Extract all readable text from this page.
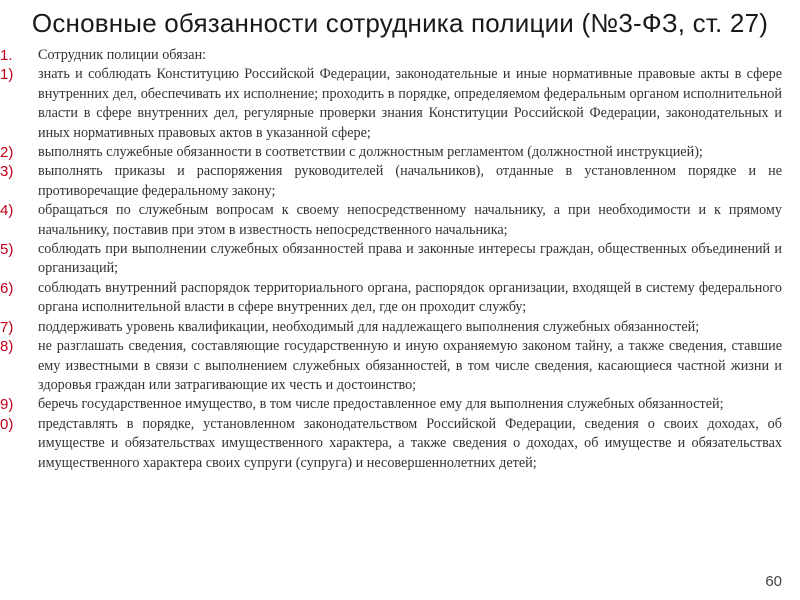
Основные обязанности сотрудника полиции (№3-ФЗ, ст. 27)
1. Сотрудник полиции обязан:
1) знать и соблюдать Конституцию Российской Федерации, законодательные и иные нормативные правовые акты в сфере внутренних дел, обеспечивать их исполнение; проходить в порядке, определяемом федеральным органом исполнительной власти в сфере внутренних дел, регулярные проверки знания Конституции Российской Федерации, законодательных и иных нормативных правовых актов в указанной сфере;
2) выполнять служебные обязанности в соответствии с должностным регламентом (должностной инструкцией);
3) выполнять приказы и распоряжения руководителей (начальников), отданные в установленном порядке и не противоречащие федеральному закону;
4) обращаться по служебным вопросам к своему непосредственному начальнику, а при необходимости и к прямому начальнику, поставив при этом в известность непосредственного начальника;
5) соблюдать при выполнении служебных обязанностей права и законные интересы граждан, общественных объединений и организаций;
6) соблюдать внутренний распорядок территориального органа, распорядок организации, входящей в систему федерального органа исполнительной власти в сфере внутренних дел, где он проходит службу;
7) поддерживать уровень квалификации, необходимый для надлежащего выполнения служебных обязанностей;
8) не разглашать сведения, составляющие государственную и иную охраняемую законом тайну, а также сведения, ставшие ему известными в связи с выполнением служебных обязанностей, в том числе сведения, касающиеся частной жизни и здоровья граждан или затрагивающие их честь и достоинство;
9) беречь государственное имущество, в том числе предоставленное ему для выполнения служебных обязанностей;
0) представлять в порядке, установленном законодательством Российской Федерации, сведения о своих доходах, об имуществе и обязательствах имущественного характера, а также сведения о доходах, об имуществе и обязательствах имущественного характера своих супруги (супруга) и несовершеннолетних детей;
60
